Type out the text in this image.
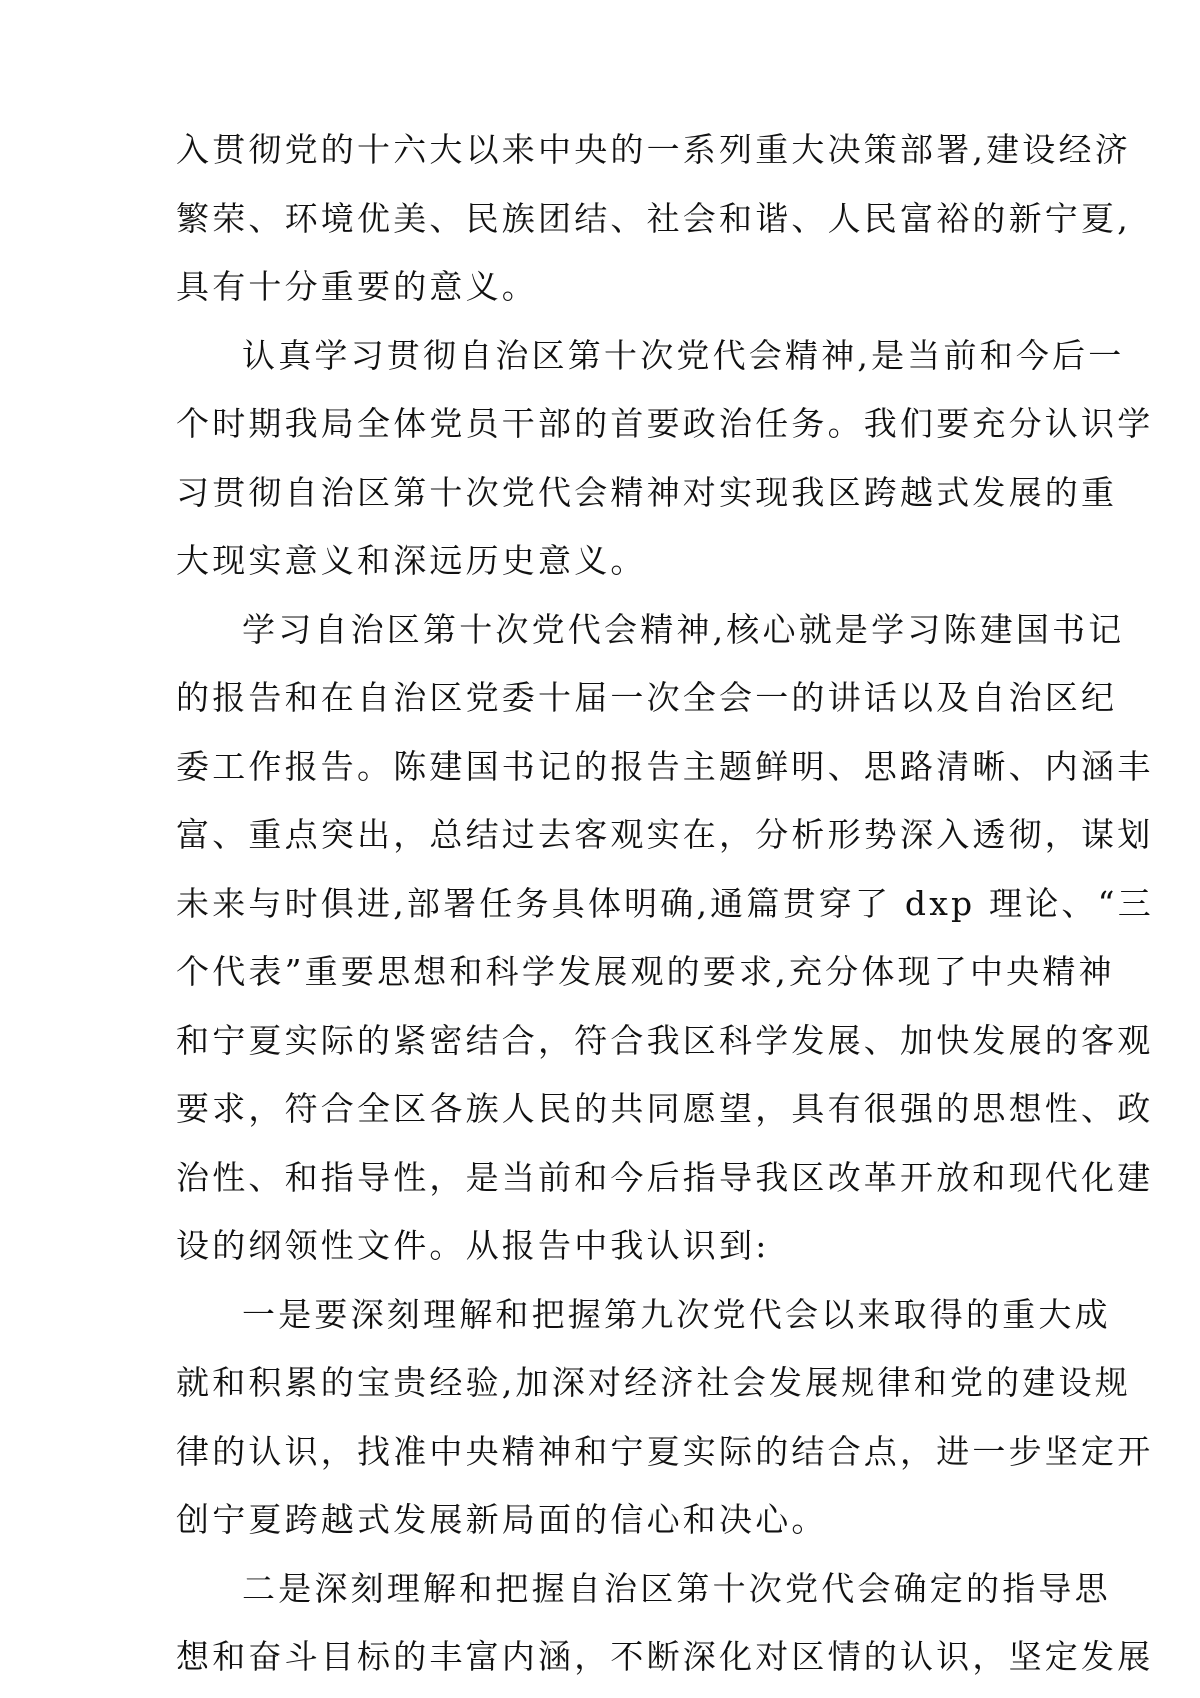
入贯彻党的十六大以来中央的一系列重大决策部署,建设经济
繁荣、环境优美、民族团结、社会和谐、人民富裕的新宁夏,
具有十分重要的意义。
认真学习贯彻自治区第十次党代会精神,是当前和今后一
个时期我局全体党员干部的首要政治任务。我们要充分认识学
习贯彻自治区第十次党代会精神对实现我区跨越式发展的重
大现实意义和深远历史意义。
学习自治区第十次党代会精神,核心就是学习陈建国书记
的报告和在自治区党委十届一次全会一的讲话以及自治区纪
委工作报告。陈建国书记的报告主题鲜明、思路清晰、内涵丰
富、重点突出，总结过去客观实在，分析形势深入透彻，谋划
未来与时俱进,部署任务具体明确,通篇贯穿了 dxp 理论、“三
个代表”重要思想和科学发展观的要求,充分体现了中央精神
和宁夏实际的紧密结合，符合我区科学发展、加快发展的客观
要求，符合全区各族人民的共同愿望，具有很强的思想性、政
治性、和指导性，是当前和今后指导我区改革开放和现代化建
设的纲领性文件。从报告中我认识到:
一是要深刻理解和把握第九次党代会以来取得的重大成
就和积累的宝贵经验,加深对经济社会发展规律和党的建设规
律的认识，找准中央精神和宁夏实际的结合点，进一步坚定开
创宁夏跨越式发展新局面的信心和决心。
二是深刻理解和把握自治区第十次党代会确定的指导思
想和奋斗目标的丰富内涵，不断深化对区情的认识，坚定发展
